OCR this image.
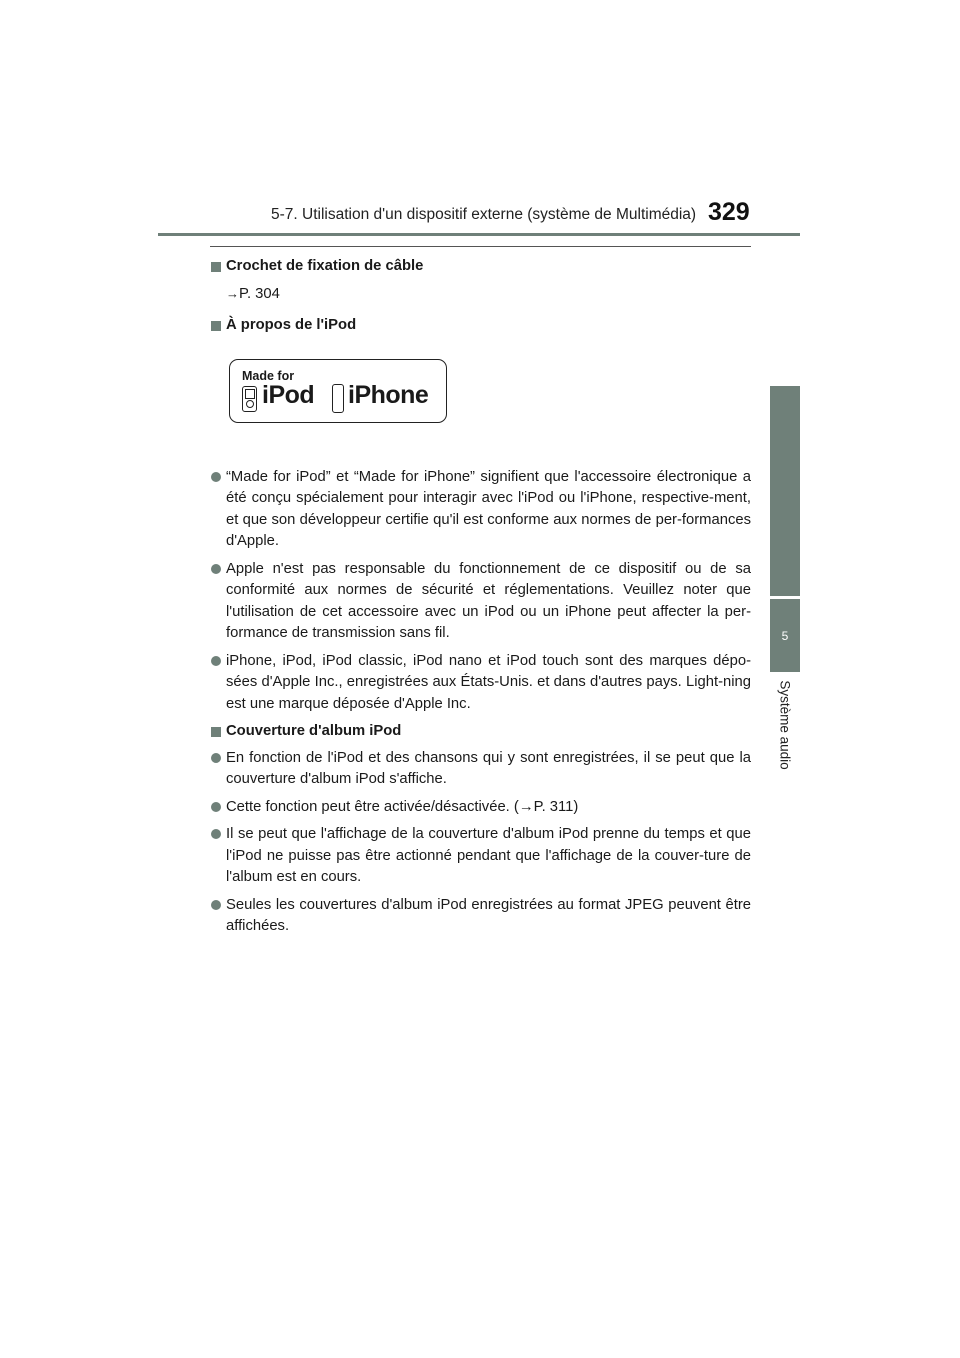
5-7. Utilisation d'un dispositif externe (système de Multimédia) 329
5
Système audio
Crochet de fixation de câble
→P. 304
À propos de l'iPod
Made for
iPod iPhone
“Made for iPod” et “Made for iPhone” signifient que l'accessoire électronique a été conçu spécialement pour interagir avec l'iPod ou l'iPhone, respective-ment, et que son développeur certifie qu'il est conforme aux normes de per-formances d'Apple.
Apple n'est pas responsable du fonctionnement de ce dispositif ou de sa conformité aux normes de sécurité et réglementations. Veuillez noter que l'utilisation de cet accessoire avec un iPod ou un iPhone peut affecter la per-formance de transmission sans fil.
iPhone, iPod, iPod classic, iPod nano et iPod touch sont des marques dépo-sées d'Apple Inc., enregistrées aux États-Unis. et dans d'autres pays. Light-ning est une marque déposée d'Apple Inc.
Couverture d'album iPod
En fonction de l'iPod et des chansons qui y sont enregistrées, il se peut que la couverture d'album iPod s'affiche.
Cette fonction peut être activée/désactivée. (→P. 311)
Il se peut que l'affichage de la couverture d'album iPod prenne du temps et que l'iPod ne puisse pas être actionné pendant que l'affichage de la couver-ture de l'album est en cours.
Seules les couvertures d'album iPod enregistrées au format JPEG peuvent être affichées.
